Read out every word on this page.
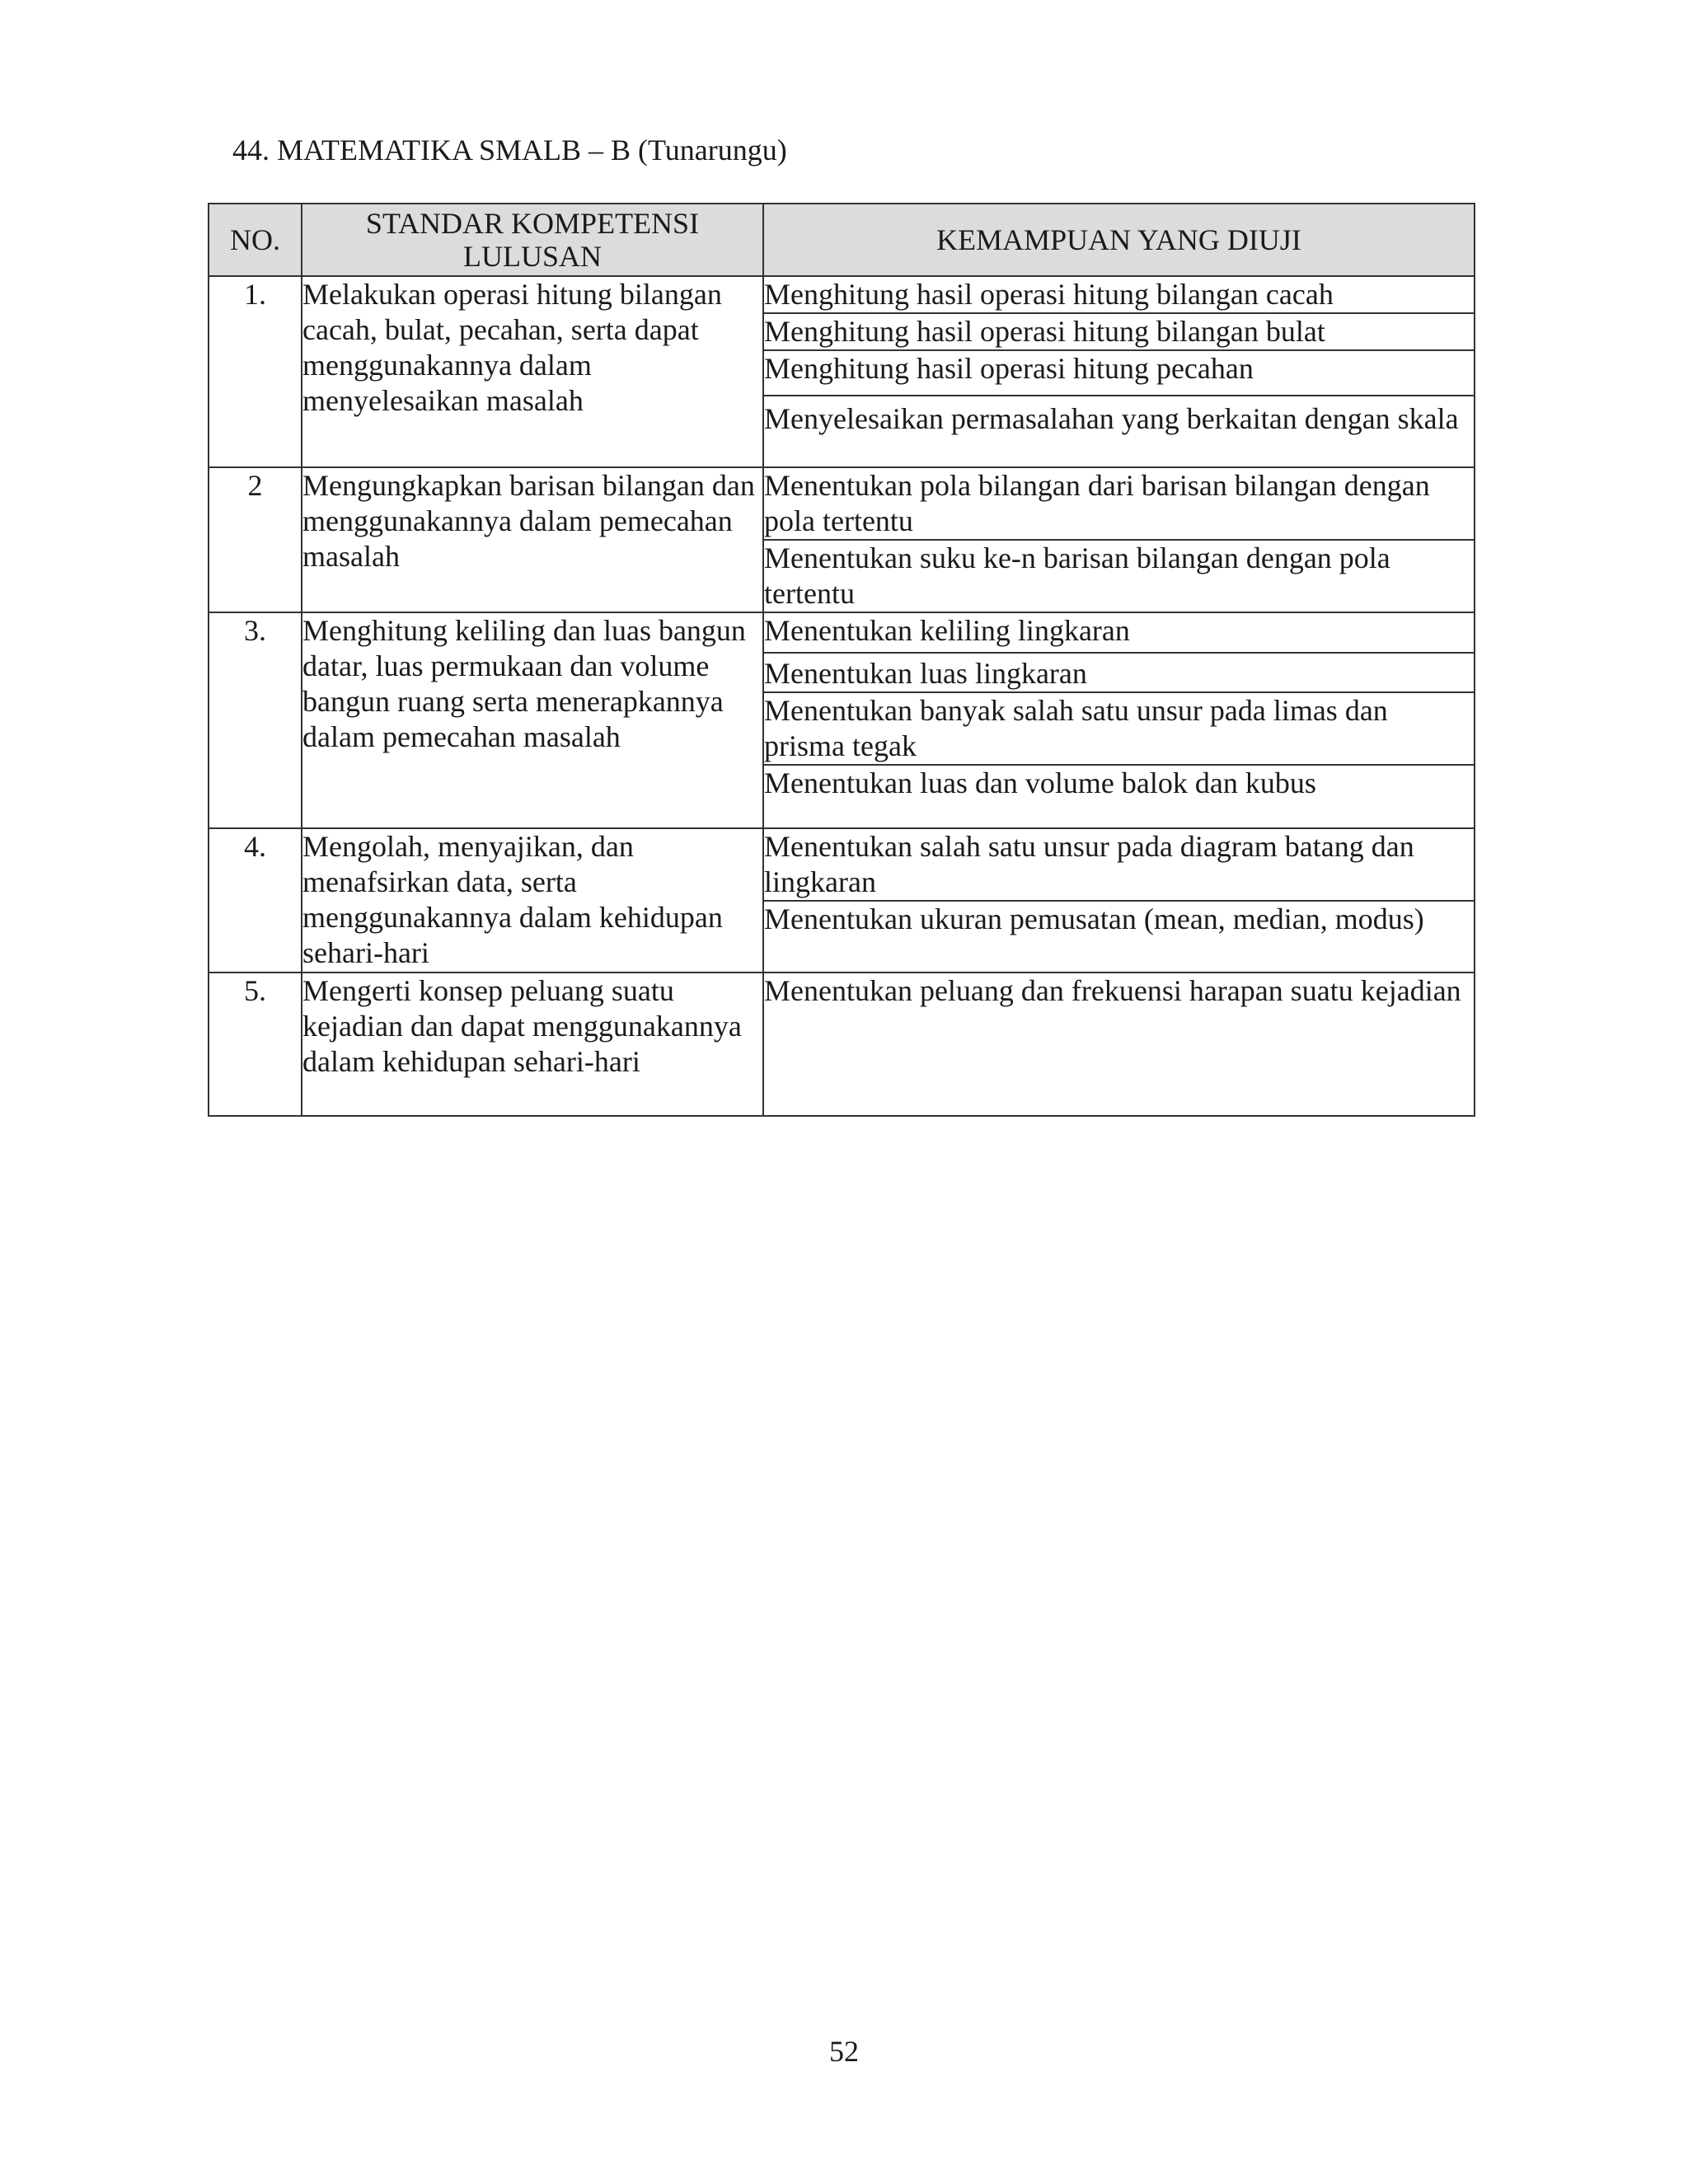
44. MATEMATIKA SMALB – B (Tunarungu)
NO.	STANDAR KOMPETENSI LULUSAN	KEMAMPUAN YANG DIUJI
1.	Melakukan operasi hitung bilangan cacah, bulat, pecahan, serta dapat menggunakannya dalam menyelesaikan masalah	Menghitung hasil operasi hitung bilangan cacah
		Menghitung hasil operasi hitung bilangan bulat
		Menghitung hasil operasi hitung pecahan
		Menyelesaikan permasalahan yang berkaitan dengan skala
2	Mengungkapkan barisan bilangan dan menggunakannya dalam pemecahan masalah	Menentukan pola bilangan dari barisan bilangan dengan pola tertentu
		Menentukan suku ke-n barisan bilangan dengan pola tertentu
3.	Menghitung keliling dan luas bangun datar, luas permukaan dan volume bangun ruang serta menerapkannya dalam pemecahan masalah	Menentukan keliling lingkaran
		Menentukan luas lingkaran
		Menentukan banyak salah satu unsur pada limas dan prisma tegak
		Menentukan luas dan volume balok dan kubus
4.	Mengolah, menyajikan, dan menafsirkan data, serta menggunakannya dalam kehidupan sehari-hari	Menentukan salah satu unsur pada diagram batang dan lingkaran
		Menentukan ukuran pemusatan (mean, median, modus)
5.	Mengerti konsep peluang suatu kejadian dan dapat menggunakannya dalam kehidupan sehari-hari	Menentukan peluang dan frekuensi harapan suatu kejadian
52
